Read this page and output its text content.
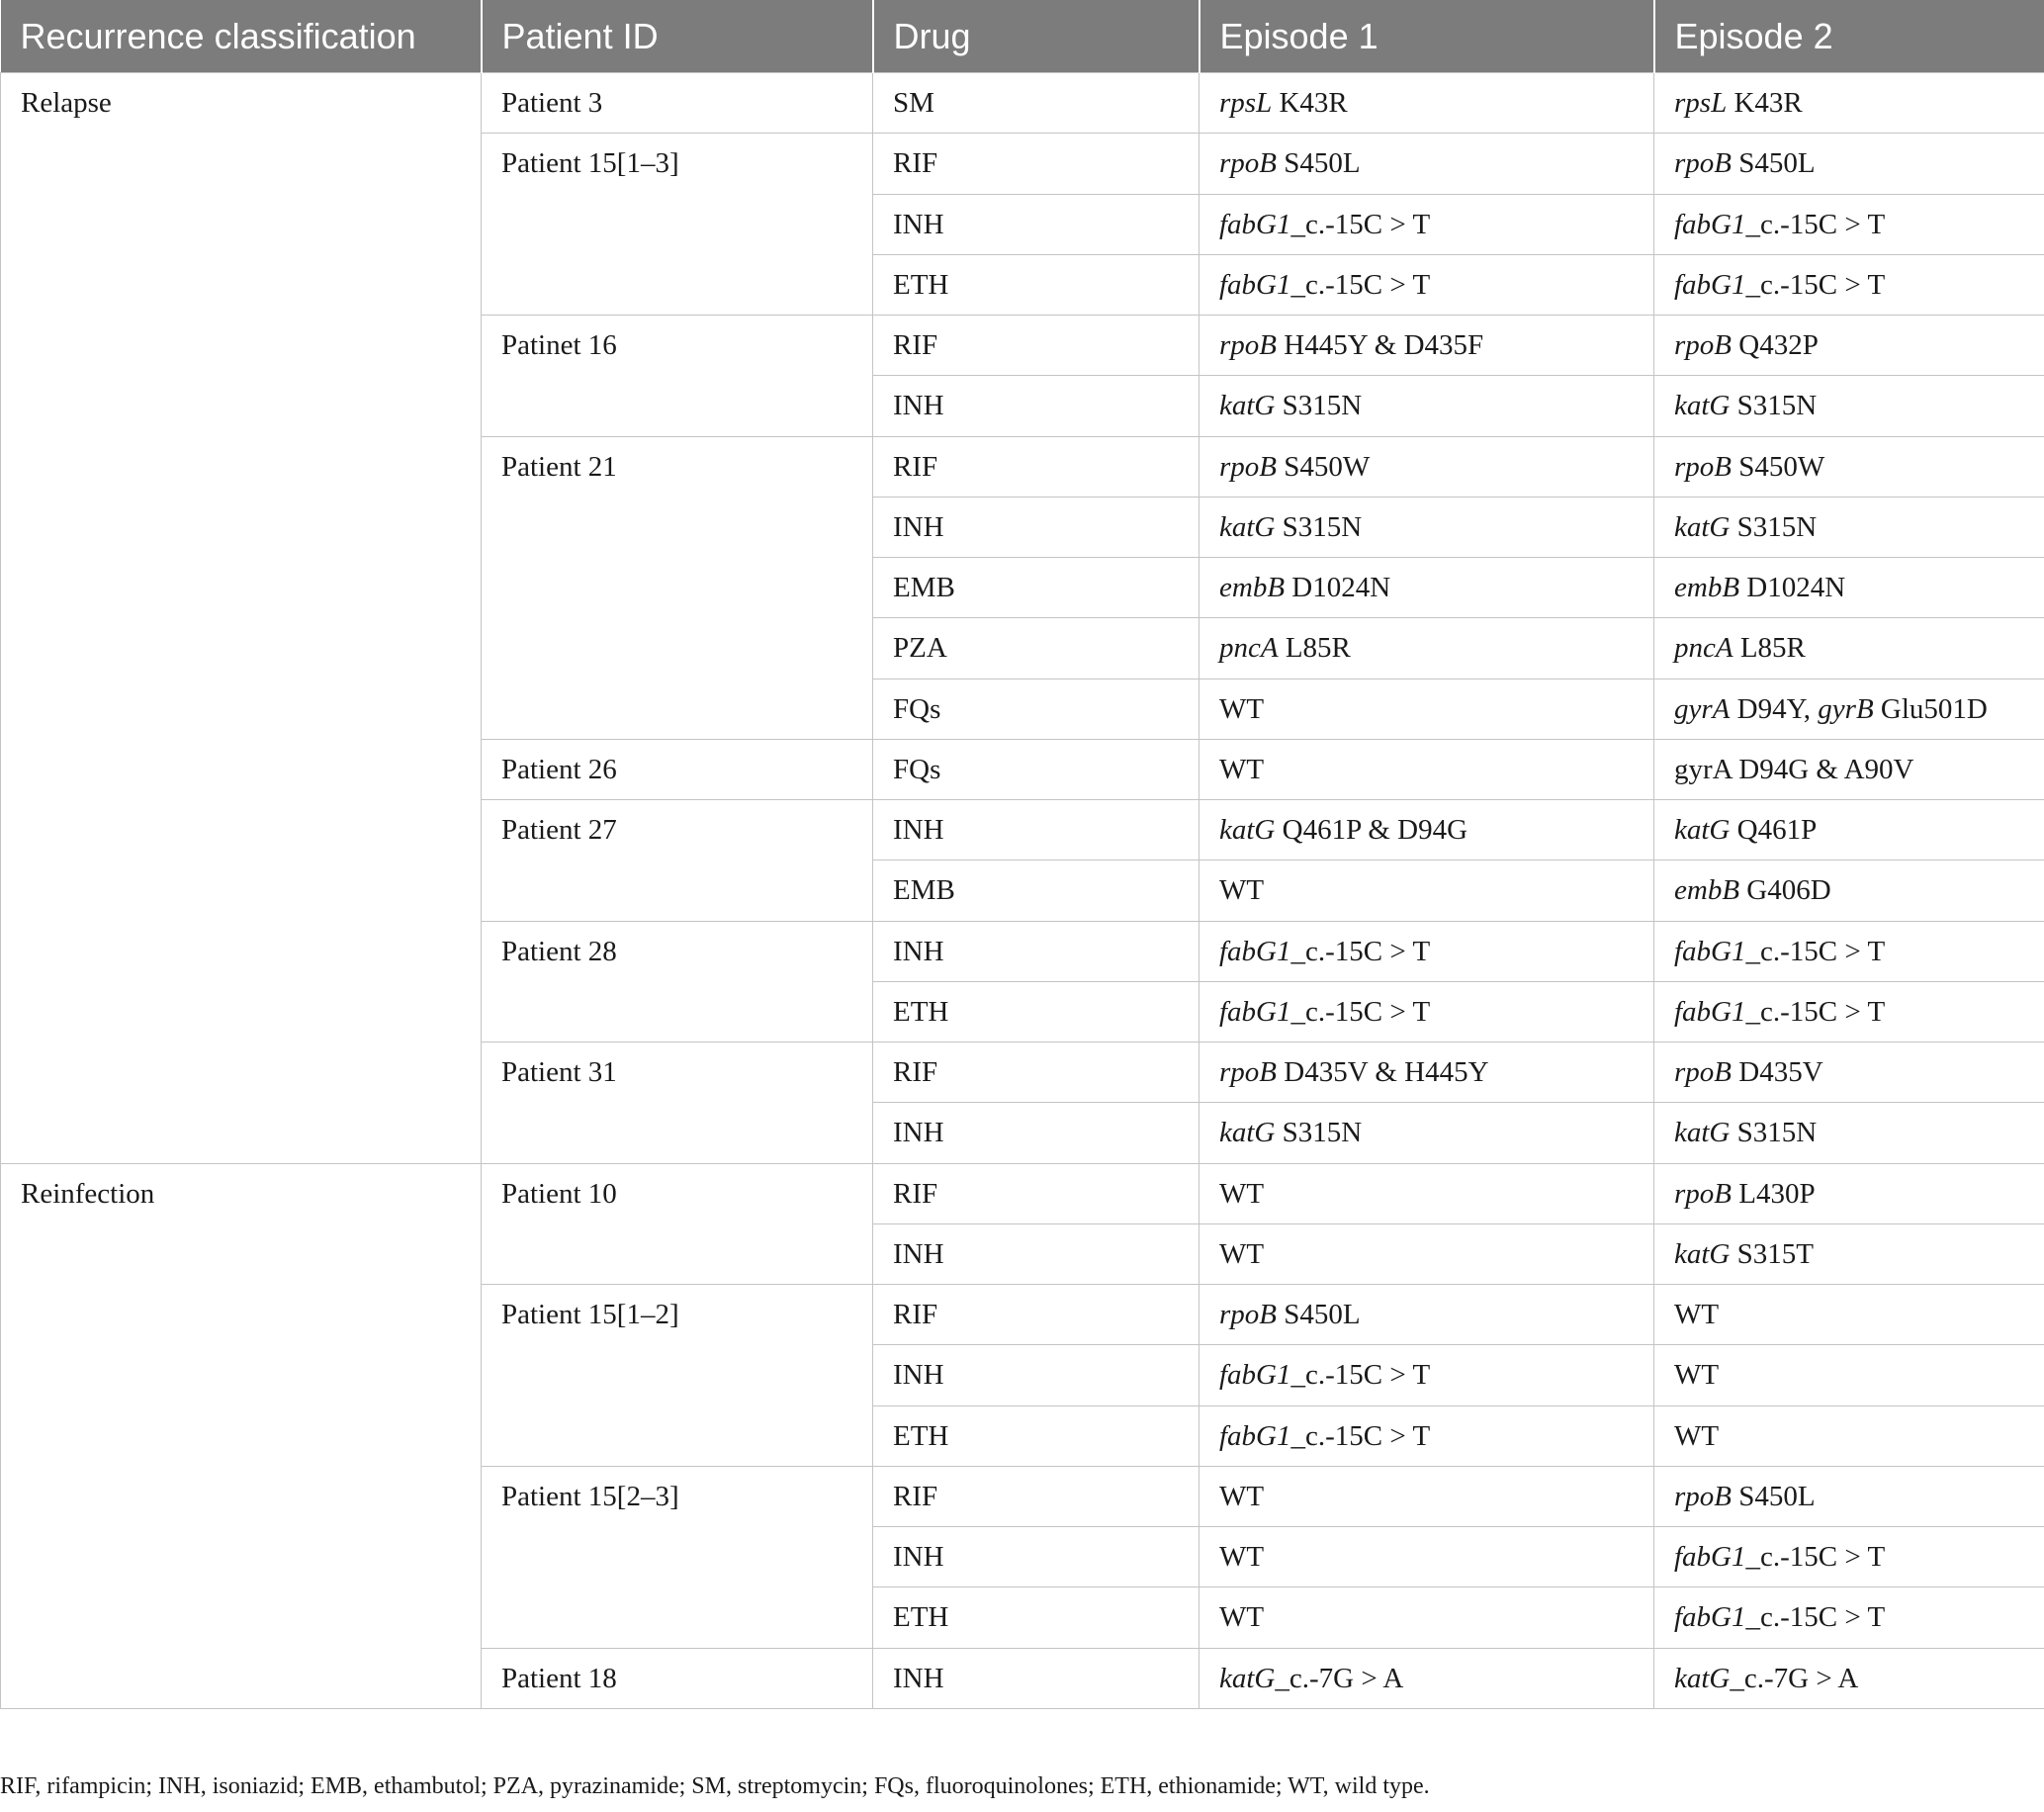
Recurrence classification	Patient ID	Drug	Episode 1	Episode 2
Relapse	Patient 3	SM	rpsL K43R	rpsL K43R
	Patient 15[1–3]	RIF	rpoB S450L	rpoB S450L
		INH	fabG1_c.-15C > T	fabG1_c.-15C > T
		ETH	fabG1_c.-15C > T	fabG1_c.-15C > T
	Patinet 16	RIF	rpoB H445Y & D435F	rpoB Q432P
		INH	katG S315N	katG S315N
	Patient 21	RIF	rpoB S450W	rpoB S450W
		INH	katG S315N	katG S315N
		EMB	embB D1024N	embB D1024N
		PZA	pncA L85R	pncA L85R
		FQs	WT	gyrA D94Y, gyrB Glu501D
	Patient 26	FQs	WT	gyrA D94G & A90V
	Patient 27	INH	katG Q461P & D94G	katG Q461P
		EMB	WT	embB G406D
	Patient 28	INH	fabG1_c.-15C > T	fabG1_c.-15C > T
		ETH	fabG1_c.-15C > T	fabG1_c.-15C > T
	Patient 31	RIF	rpoB D435V & H445Y	rpoB D435V
		INH	katG S315N	katG S315N
Reinfection	Patient 10	RIF	WT	rpoB L430P
		INH	WT	katG S315T
	Patient 15[1–2]	RIF	rpoB S450L	WT
		INH	fabG1_c.-15C > T	WT
		ETH	fabG1_c.-15C > T	WT
	Patient 15[2–3]	RIF	WT	rpoB S450L
		INH	WT	fabG1_c.-15C > T
		ETH	WT	fabG1_c.-15C > T
	Patient 18	INH	katG_c.-7G > A	katG_c.-7G > A
RIF, rifampicin; INH, isoniazid; EMB, ethambutol; PZA, pyrazinamide; SM, streptomycin; FQs, fluoroquinolones; ETH, ethionamide; WT, wild type.
